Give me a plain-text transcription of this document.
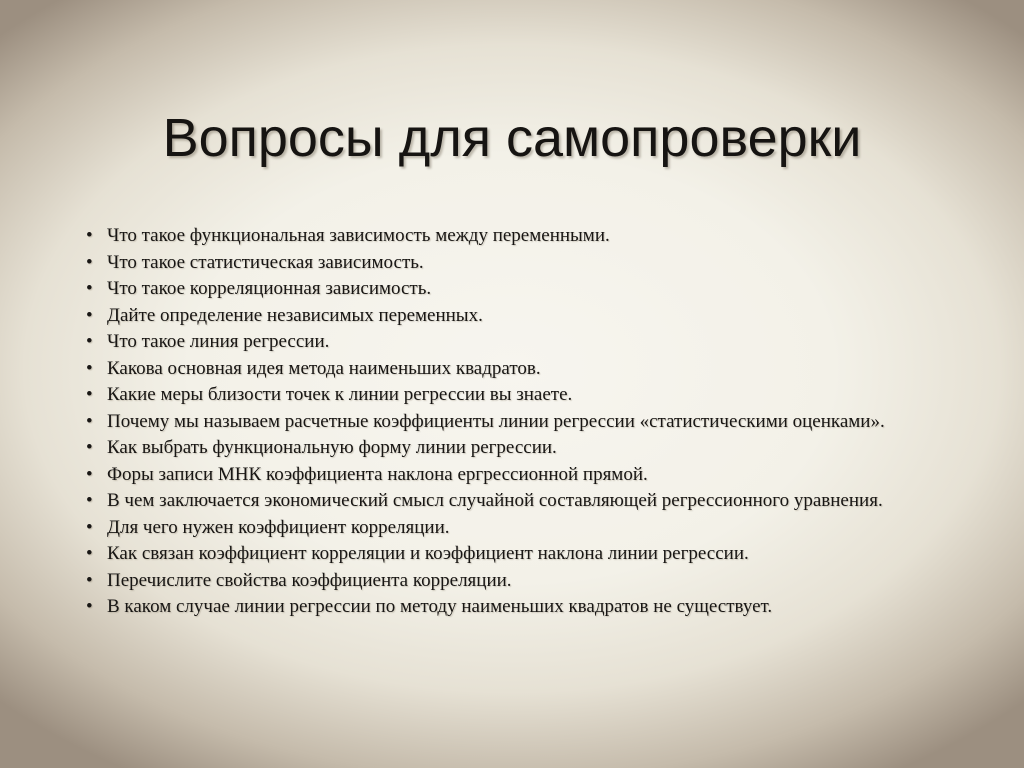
Вопросы для самопроверки
• Что такое функциональная зависимость между переменными.
• Что такое статистическая зависимость.
• Что такое корреляционная зависимость.
• Дайте определение независимых переменных.
• Что такое линия регрессии.
• Какова основная идея метода наименьших квадратов.
• Какие меры близости точек к линии регрессии вы знаете.
• Почему мы называем расчетные коэффициенты линии регрессии «статистическими оценками».
• Как выбрать функциональную форму линии регрессии.
• Форы записи МНК коэффициента наклона ергрессионной прямой.
• В чем заключается экономический смысл случайной составляющей регрессионного уравнения.
• Для чего нужен коэффициент корреляции.
• Как связан коэффициент корреляции и коэффициент наклона линии регрессии.
• Перечислите свойства коэффициента корреляции.
• В каком случае линии регрессии по методу наименьших квадратов не существует.
